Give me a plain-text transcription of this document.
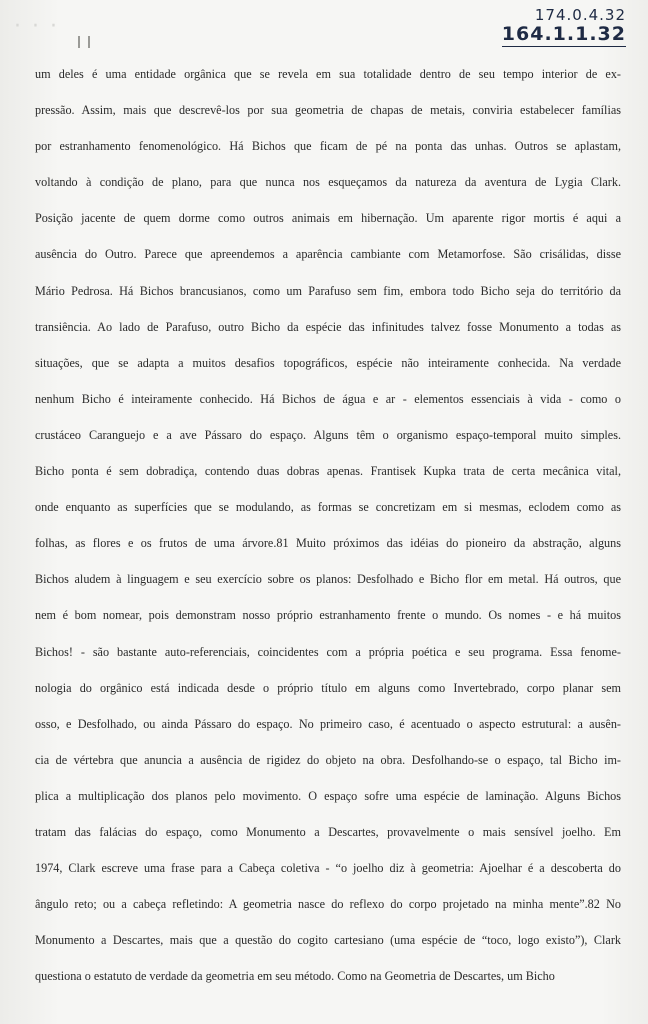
· · ·	174.0.4.32
164.1.1.32
um deles é uma entidade orgânica que se revela em sua totalidade dentro de seu tempo interior de ex-
pressão. Assim, mais que descrevê-los por sua geometria de chapas de metais, conviria estabelecer famílias
por estranhamento fenomenológico. Há Bichos que ficam de pé na ponta das unhas. Outros se aplastam,
voltando à condição de plano, para que nunca nos esqueçamos da natureza da aventura de Lygia Clark.
Posição jacente de quem dorme como outros animais em hibernação. Um aparente rigor mortis é aqui a
ausência do Outro. Parece que apreendemos a aparência cambiante com Metamorfose. São crisálidas, disse
Mário Pedrosa. Há Bichos brancusianos, como um Parafuso sem fim, embora todo Bicho seja do território da
transiência. Ao lado de Parafuso, outro Bicho da espécie das infinitudes talvez fosse Monumento a todas as
situações, que se adapta a muitos desafios topográficos, espécie não inteiramente conhecida. Na verdade
nenhum Bicho é inteiramente conhecido. Há Bichos de água e ar - elementos essenciais à vida - como o
crustáceo Caranguejo e a ave Pássaro do espaço. Alguns têm o organismo espaço-temporal muito simples.
Bicho ponta é sem dobradiça, contendo duas dobras apenas. Frantisek Kupka trata de certa mecânica vital,
onde enquanto as superfícies que se modulando, as formas se concretizam em si mesmas, eclodem como as
folhas, as flores e os frutos de uma árvore.81 Muito próximos das idéias do pioneiro da abstração, alguns
Bichos aludem à linguagem e seu exercício sobre os planos: Desfolhado e Bicho flor em metal. Há outros, que
nem é bom nomear, pois demonstram nosso próprio estranhamento frente o mundo. Os nomes - e há muitos
Bichos! - são bastante auto-referenciais, coincidentes com a própria poética e seu programa. Essa fenome-
nologia do orgânico está indicada desde o próprio título em alguns como Invertebrado, corpo planar sem
osso, e Desfolhado, ou ainda Pássaro do espaço. No primeiro caso, é acentuado o aspecto estrutural: a ausên-
cia de vértebra que anuncia a ausência de rigidez do objeto na obra. Desfolhando-se o espaço, tal Bicho im-
plica a multiplicação dos planos pelo movimento. O espaço sofre uma espécie de laminação. Alguns Bichos
tratam das falácias do espaço, como Monumento a Descartes, provavelmente o mais sensível joelho. Em
1974, Clark escreve uma frase para a Cabeça coletiva - “o joelho diz à geometria: Ajoelhar é a descoberta do
ângulo reto; ou a cabeça refletindo: A geometria nasce do reflexo do corpo projetado na minha mente”.82 No
Monumento a Descartes, mais que a questão do cogito cartesiano (uma espécie de “toco, logo existo”), Clark
questiona o estatuto de verdade da geometria em seu método. Como na Geometria de Descartes, um Bicho
